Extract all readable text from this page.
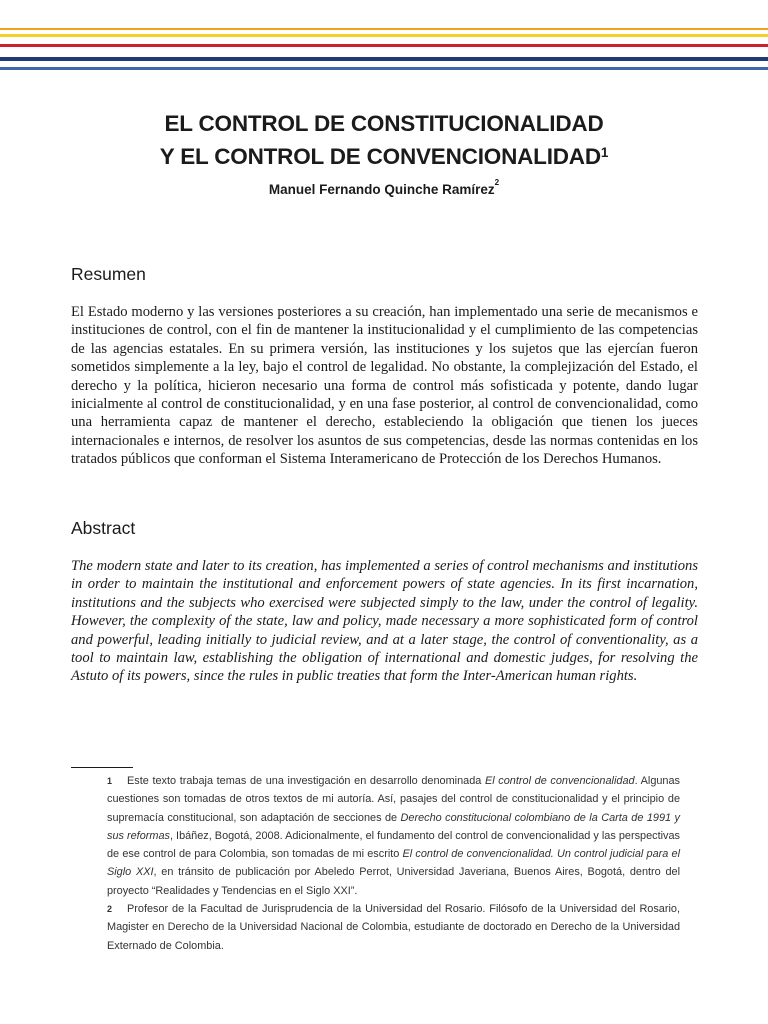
EL CONTROL DE CONSTITUCIONALIDAD
Y EL CONTROL DE CONVENCIONALIDAD$^1$
Manuel Fernando Quinche Ramírez$^2$
Resumen

El Estado moderno y las versiones posteriores a su creación, han implementado una serie de mecanismos e instituciones de control, con el fin de mantener la institucionalidad y el cumplimiento de las competencias de las agencias estatales. En su primera versión, las instituciones y los sujetos que las ejercían fueron sometidos simplemente a la ley, bajo el control de legalidad. No obstante, la complejización del Estado, el derecho y la política, hicieron necesario una forma de control más sofisticada y potente, dando lugar inicialmente al control de constitucionalidad, y en una fase posterior, al control de convencionalidad, como una herramienta capaz de mantener el derecho, estableciendo la obligación que tienen los jueces internacionales e internos, de resolver los asuntos de sus competencias, desde las normas contenidas en los tratados públicos que conforman el Sistema Interamericano de Protección de los Derechos Humanos.

Abstract

The modern state and later to its creation, has implemented a series of control mechanisms and institutions in order to maintain the institutional and enforcement powers of state agencies. In its first incarnation, institutions and the subjects who exercised were subjected simply to the law, under the control of legality. However, the complexity of the state, law and policy, made necessary a more sophisticated form of control and powerful, leading initially to judicial review, and at a later stage, the control of conventionality, as a tool to maintain law, establishing the obligation of international and domestic judges, for resolving the Astuto of its powers, since the rules in public treaties that form the Inter-American human rights.

1 Este texto trabaja temas de una investigación en desarrollo denominada El control de convencionalidad. Algunas cuestiones son tomadas de otros textos de mi autoría. Así, pasajes del control de constitucionalidad y el principio de supremacía constitucional, son adaptación de secciones de Derecho constitucional colombiano de la Carta de 1991 y sus reformas, Ibáñez, Bogotá, 2008. Adicionalmente, el fundamento del control de convencionalidad y las perspectivas de ese control de para Colombia, son tomadas de mi escrito El control de convencionalidad. Un control judicial para el Siglo XXI, en tránsito de publicación por Abeledo Perrot, Universidad Javeriana, Buenos Aires, Bogotá, dentro del proyecto “Realidades y Tendencias en el Siglo XXI”.

2 Profesor de la Facultad de Jurisprudencia de la Universidad del Rosario. Filósofo de la Universidad del Rosario, Magister en Derecho de la Universidad Nacional de Colombia, estudiante de doctorado en Derecho de la Universidad Externado de Colombia.
